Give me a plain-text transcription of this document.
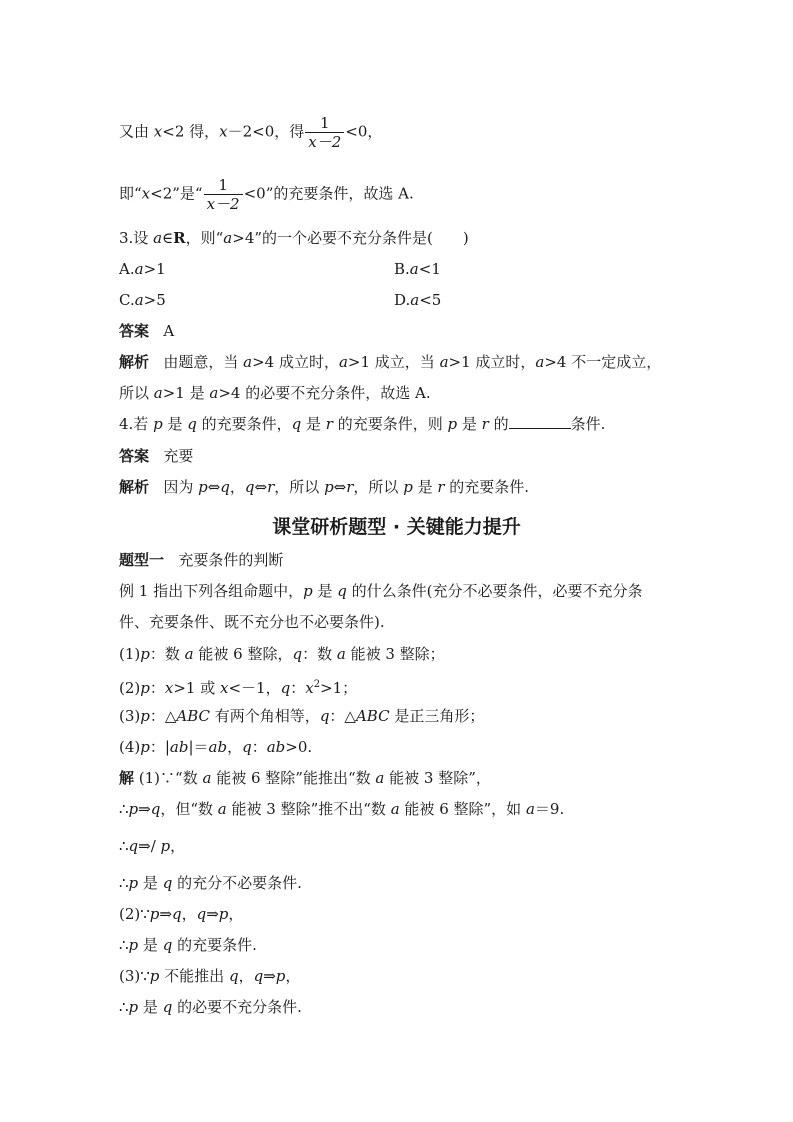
又由 x<2 得，x－2<0，得 $\frac{1}{x-2} <0$，
即“x<2”是“ $\frac{1}{x-2} <0$”的充要条件，故选 A.
3.设 a∈R，则“a>4”的一个必要不充分条件是(　　)
A.a>1	B.a<1
C.a>5	D.a<5
答案 A
解析 由题意，当 a>4 成立时，a>1 成立，当 a>1 成立时，a>4 不一定成立，
所以 a>1 是 a>4 的必要不充分条件，故选 A.
4.若 p 是 q 的充要条件，q 是 r 的充要条件，则 p 是 r 的	条件.
答案 充要
解析 因为 p⇔q，q⇔r，所以 p⇔r，所以 p 是 r 的充要条件.
课堂研析题型 · 关键能力提升
题型一 充要条件的判断
例 1 指出下列各组命题中，p 是 q 的什么条件(充分不必要条件，必要不充分条
件、充要条件、既不充分也不必要条件).
(1)p：数 a 能被 6 整除，q：数 a 能被 3 整除；
(2)p：x>1 或 x<－1，q：$x^2>1$；
(3)p：△ABC 有两个角相等，q：△ABC 是正三角形；
(4)p：|ab|＝ab，q：ab>0.
解 (1)∵“数 a 能被 6 整除”能推出“数 a 能被 3 整除”，
∴p⇒q，但“数 a 能被 3 整除”推不出“数 a 能被 6 整除”，如 a＝9.
∴q⇒/ p，
∴p 是 q 的充分不必要条件.
(2)∵p⇒q，q⇒p，
∴p 是 q 的充要条件.
(3)∵p 不能推出 q，q⇒p，
∴p 是 q 的必要不充分条件.
